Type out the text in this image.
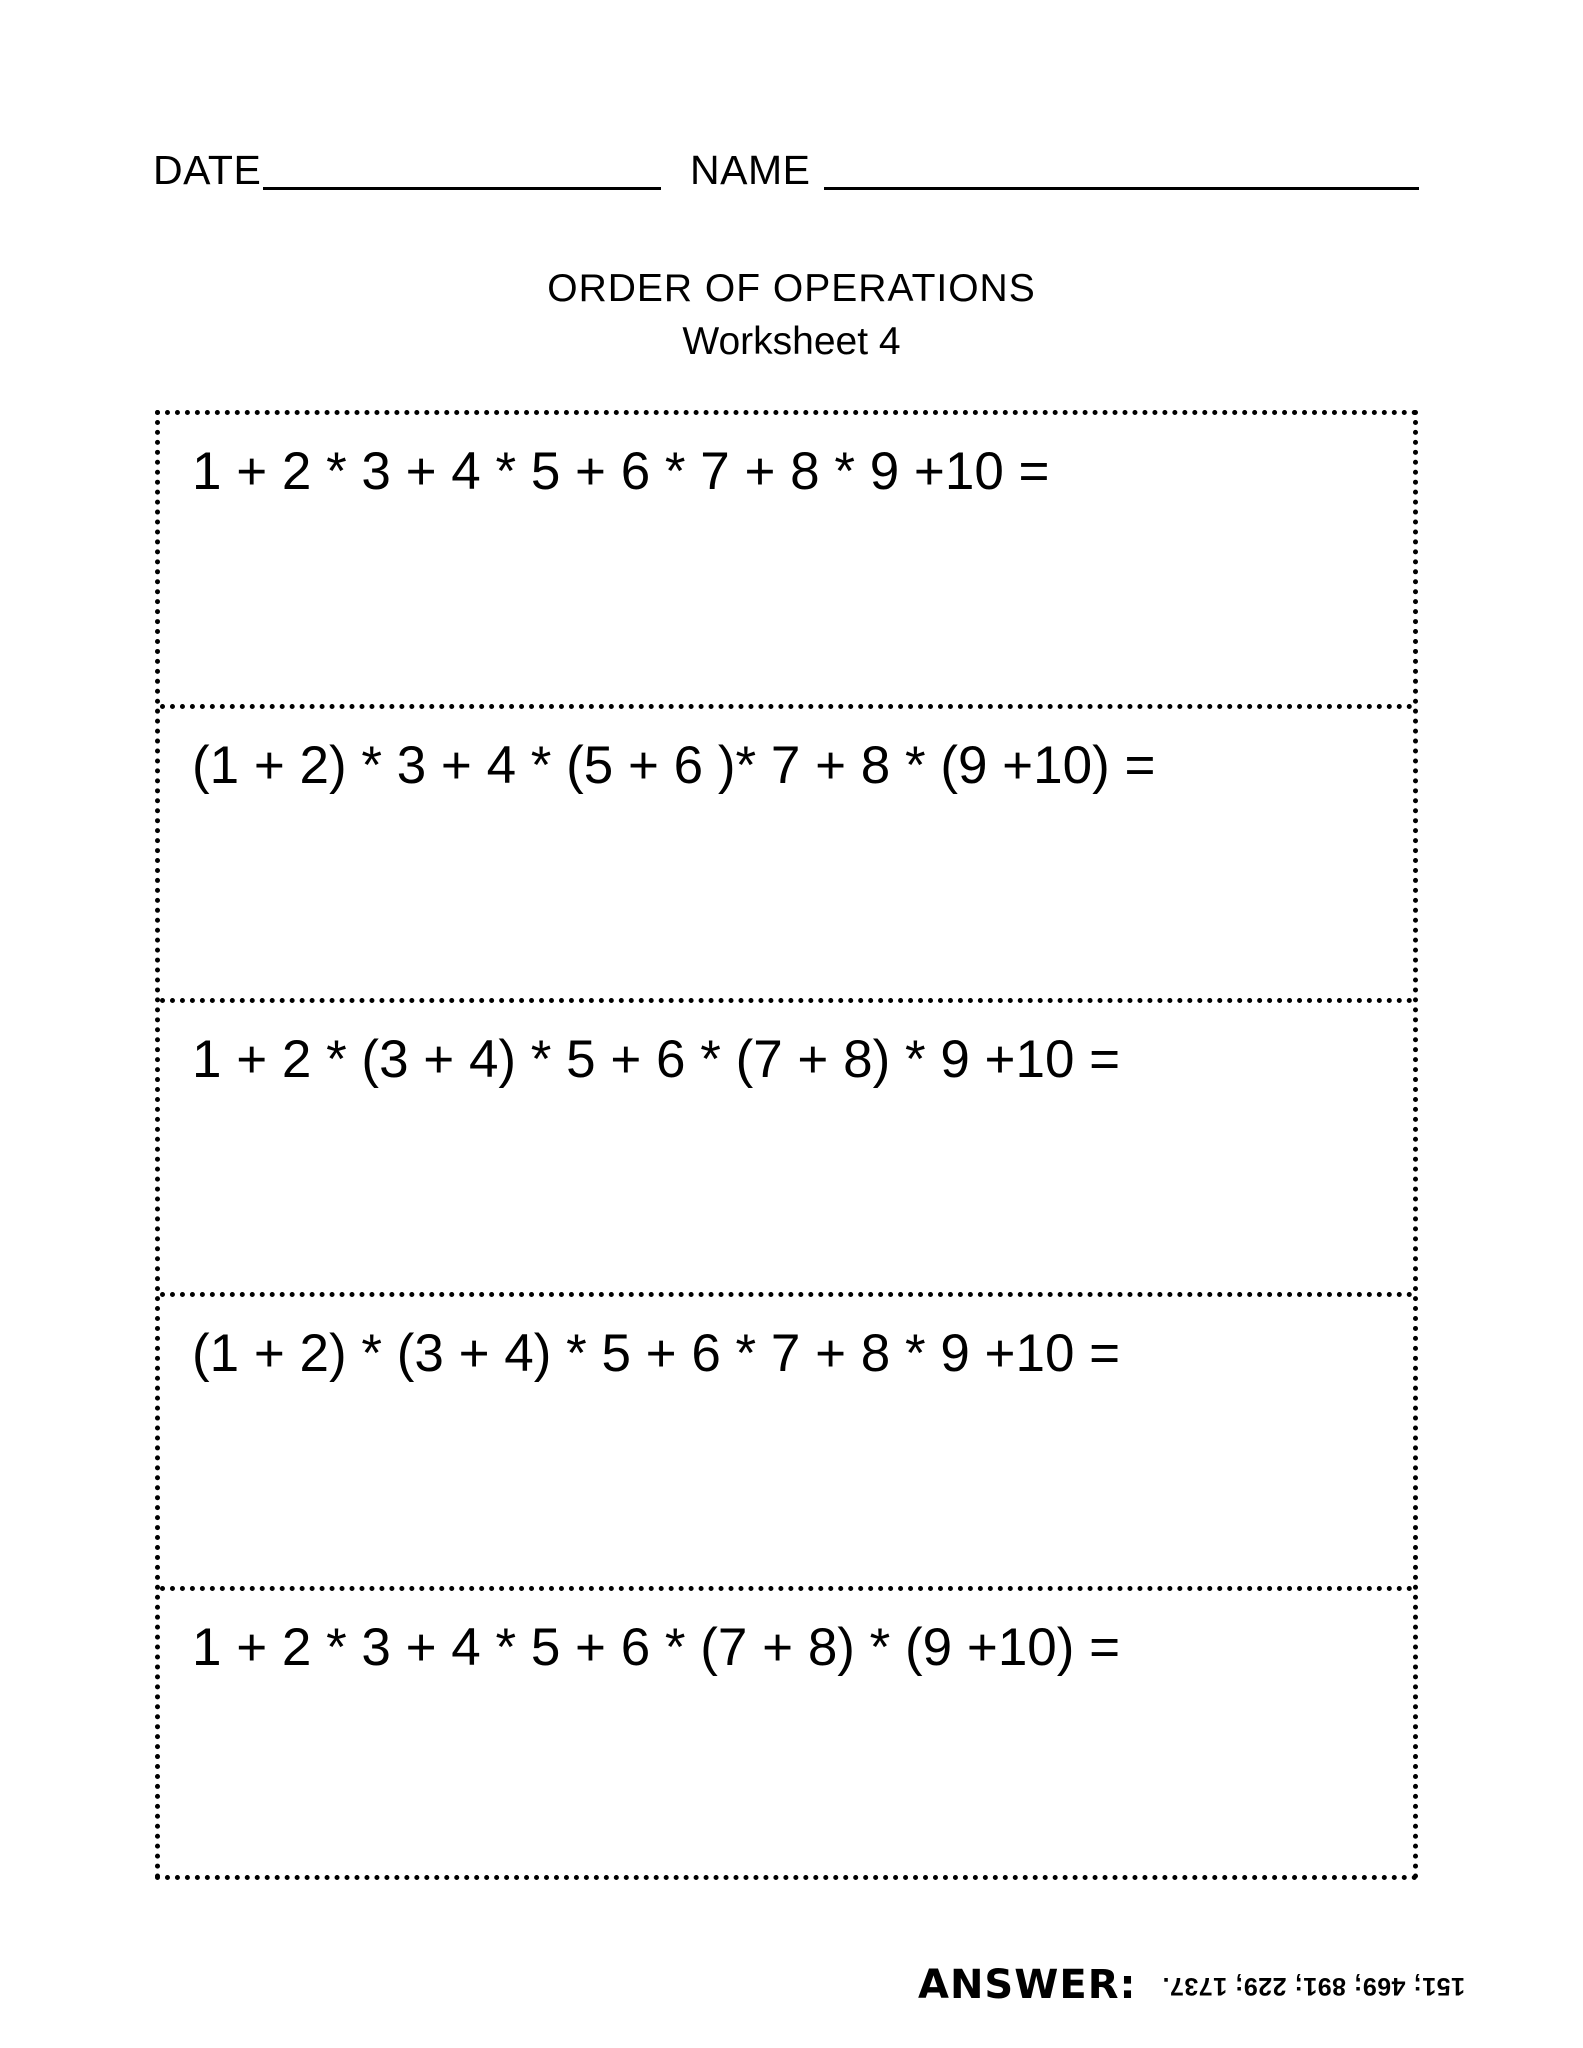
DATE	NAME
ORDER OF OPERATIONS
Worksheet 4
1 + 2 * 3 + 4 * 5 + 6 * 7 + 8 * 9 +10 =
(1 + 2) * 3 + 4 * (5 + 6 )* 7 + 8 * (9 +10) =
1 + 2 * (3 + 4) * 5 + 6 * (7 + 8) * 9 +10 =
(1 + 2) * (3 + 4) * 5 + 6 * 7 + 8 * 9 +10 =
1 + 2 * 3 + 4 * 5 + 6 * (7 + 8) * (9 +10) =
ANSWER: 151; 469; 891; 229; 1737.
